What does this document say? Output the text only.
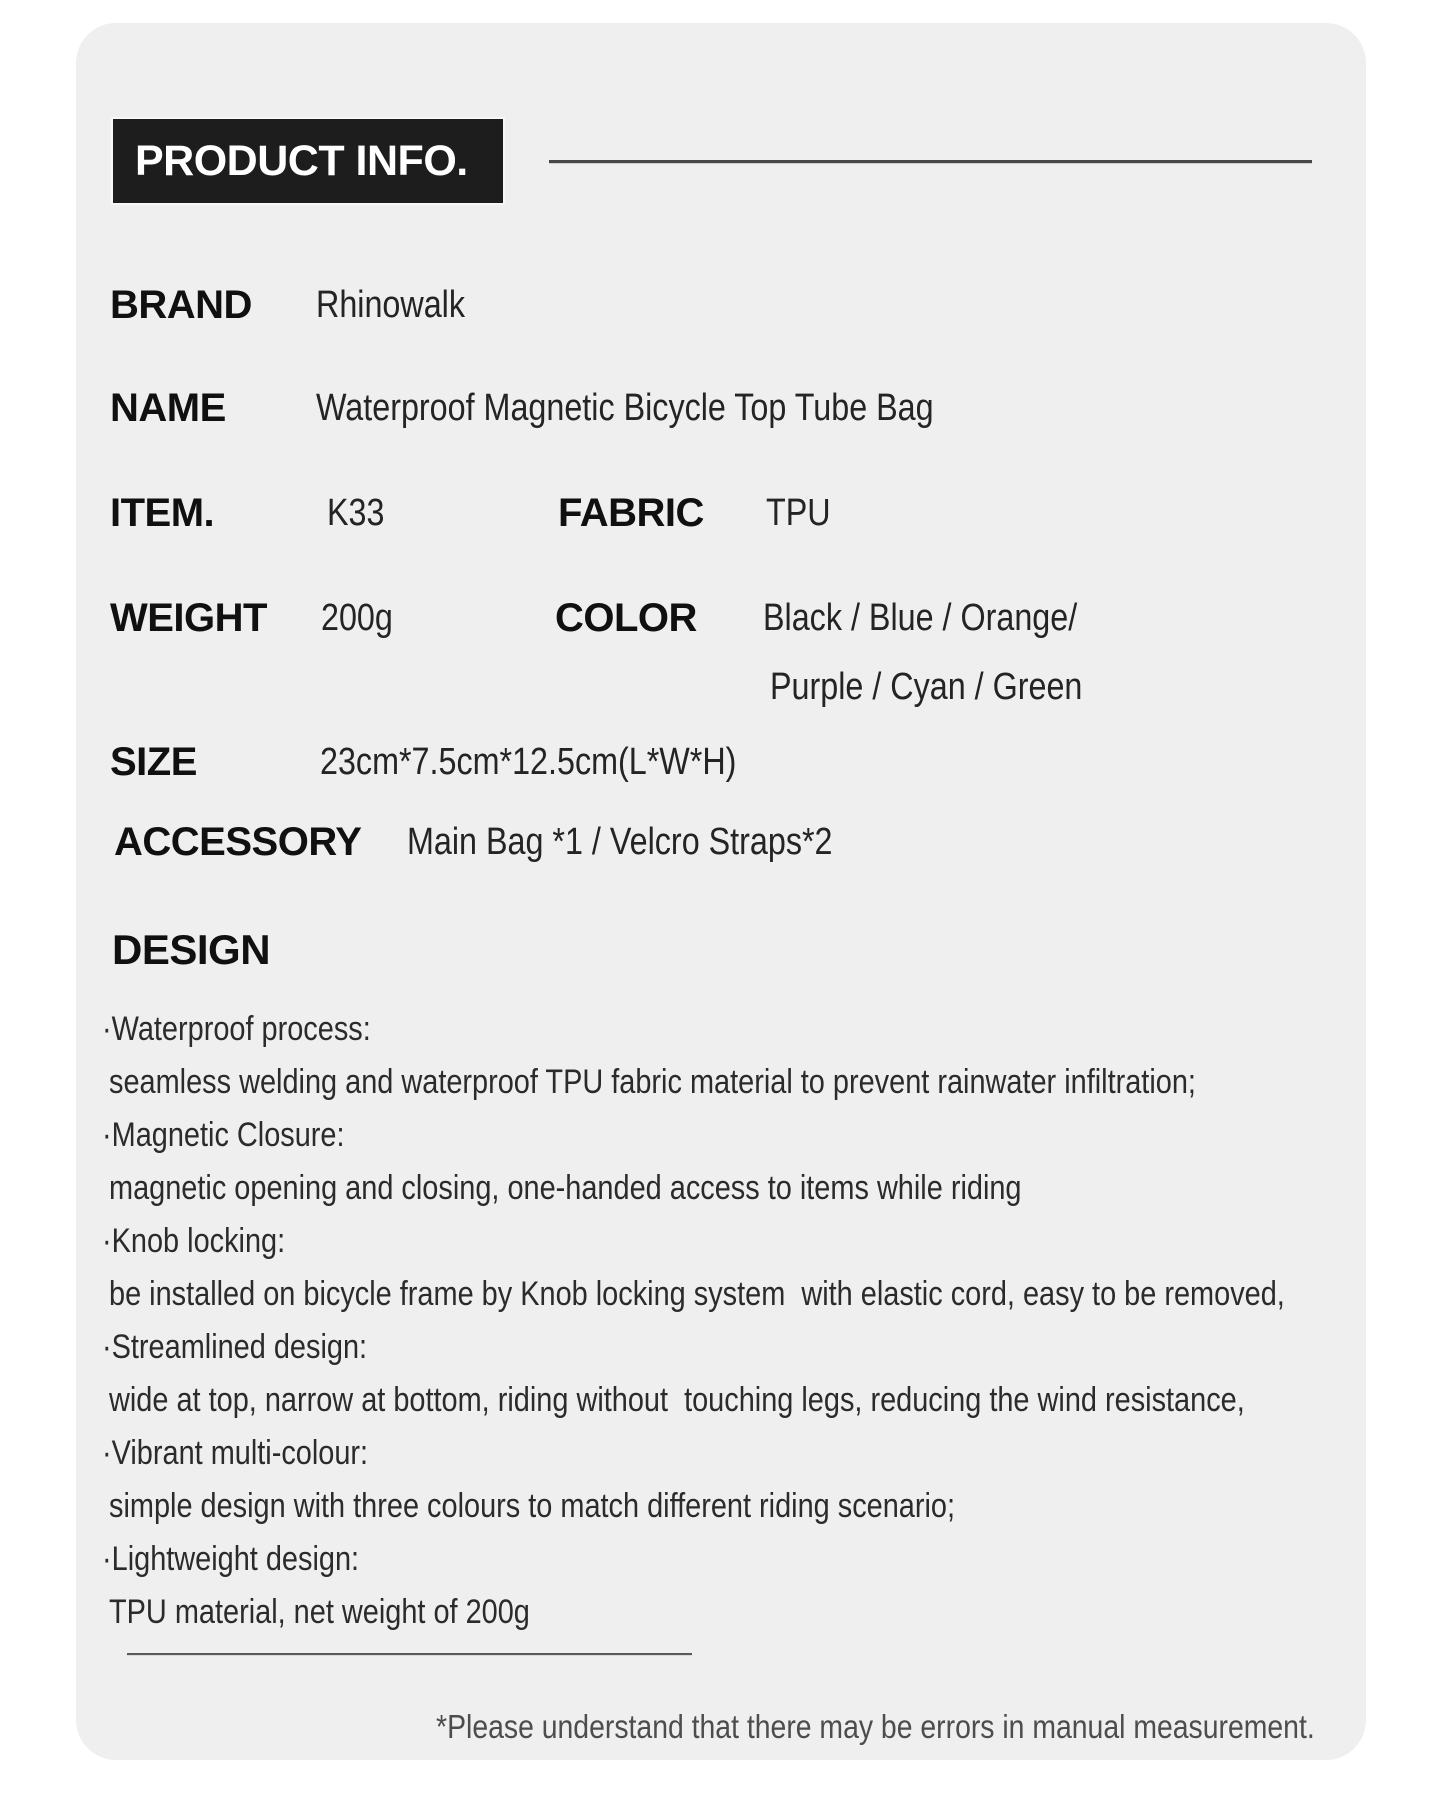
PRODUCT INFO.
BRAND Rhinowalk
NAME Waterproof Magnetic Bicycle Top Tube Bag
ITEM.	K33	FABRIC TPU
WEIGHT 200g	COLOR Black / Blue / Orange/
Purple / Cyan / Green
SIZE	23cm*7.5cm*12.5cm(L*W*H)
ACCESSORY Main Bag *1 / Velcro Straps*2
DESIGN
·Waterproof process:
seamless welding and waterproof TPU fabric material to prevent rainwater infiltration;
·Magnetic Closure:
magnetic opening and closing, one-handed access to items while riding
·Knob locking:
be installed on bicycle frame by Knob locking system  with elastic cord, easy to be removed,
·Streamlined design:
wide at top, narrow at bottom, riding without  touching legs, reducing the wind resistance,
·Vibrant multi-colour:
simple design with three colours to match different riding scenario;
·Lightweight design:
TPU material, net weight of 200g
*Please understand that there may be errors in manual measurement.
